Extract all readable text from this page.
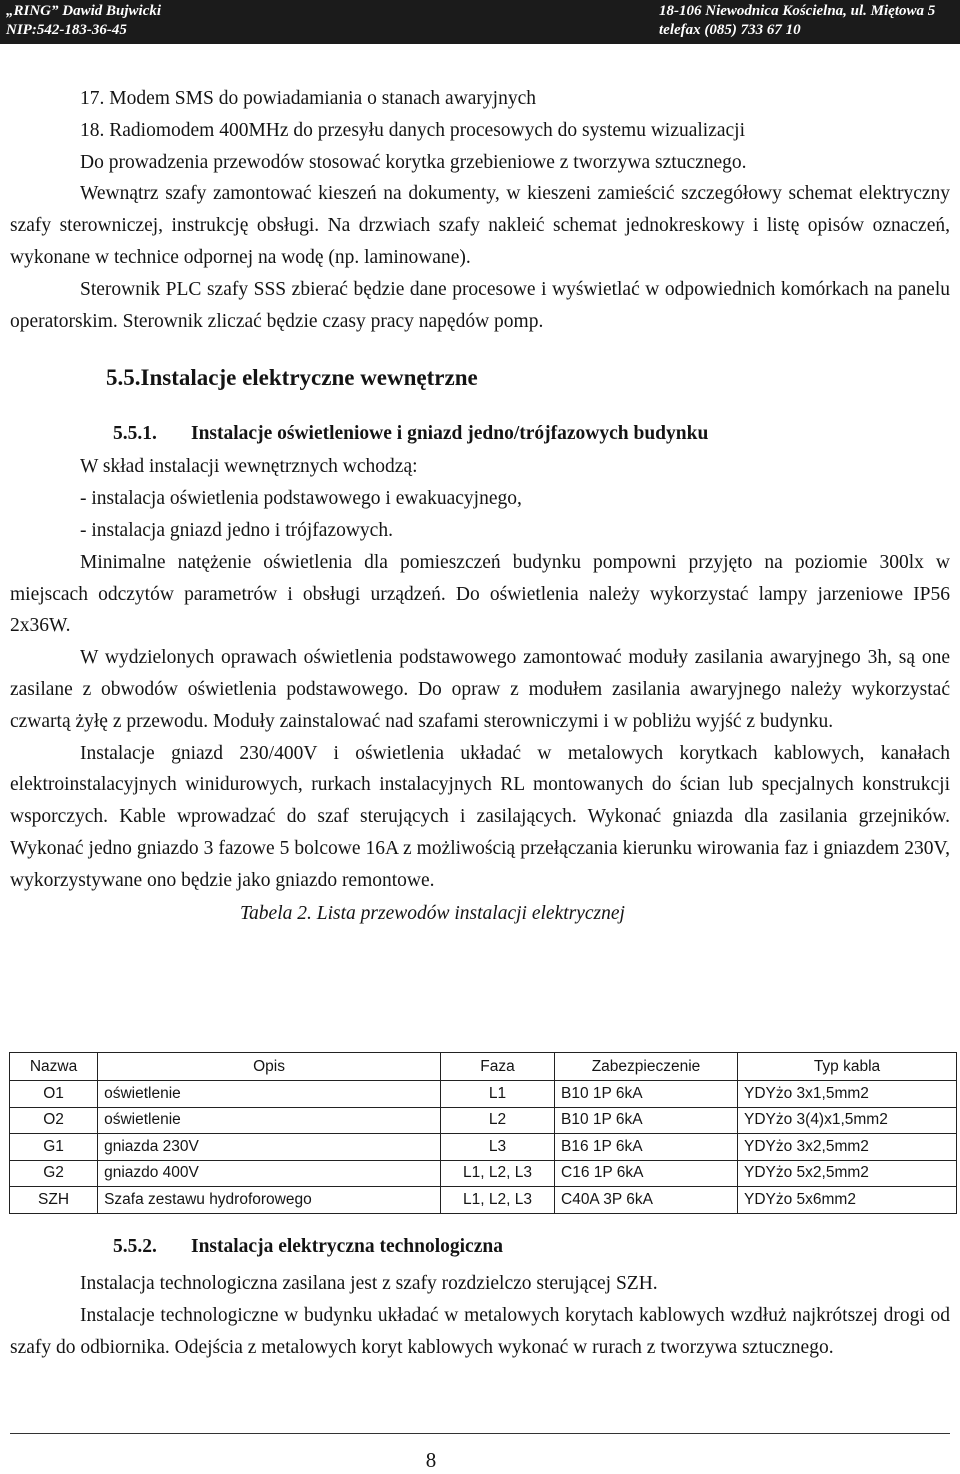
„RING” Dawid Bujwicki
NIP:542-183-36-45
18-106 Niewodnica Kościelna, ul. Miętowa 5
telefax (085) 733 67 10
17. Modem SMS do powiadamiania o stanach awaryjnych
18. Radiomodem 400MHz do przesyłu danych procesowych do systemu wizualizacji
Do prowadzenia przewodów stosować korytka grzebieniowe z tworzywa sztucznego.

Wewnątrz szafy zamontować kieszeń na dokumenty, w kieszeni zamieścić szczegółowy schemat elektryczny szafy sterowniczej, instrukcję obsługi. Na drzwiach szafy nakleić schemat jednokreskowy i listę opisów oznaczeń, wykonane w technice odpornej na wodę (np. laminowane).

Sterownik PLC szafy SSS zbierać będzie dane procesowe i wyświetlać w odpowiednich komórkach na panelu operatorskim. Sterownik zliczać będzie czasy pracy napędów pomp.

5.5.Instalacje elektryczne wewnętrzne
5.5.1. Instalacje oświetleniowe i gniazd jedno/trójfazowych budynku
W skład instalacji wewnętrznych wchodzą:
- instalacja oświetlenia podstawowego i ewakuacyjnego,
- instalacja gniazd jedno i trójfazowych.

Minimalne natężenie oświetlenia dla pomieszczeń budynku pompowni przyjęto na poziomie 300lx w miejscach odczytów parametrów i obsługi urządzeń. Do oświetlenia należy wykorzystać lampy jarzeniowe IP56 2x36W.

W wydzielonych oprawach oświetlenia podstawowego zamontować moduły zasilania awaryjnego 3h, są one zasilane z obwodów oświetlenia podstawowego. Do opraw z modułem zasilania awaryjnego należy wykorzystać czwartą żyłę z przewodu. Moduły zainstalować nad szafami sterowniczymi i w pobliżu wyjść z budynku.

Instalacje gniazd 230/400V i oświetlenia układać w metalowych korytkach kablowych, kanałach elektroinstalacyjnych winidurowych, rurkach instalacyjnych RL montowanych do ścian lub specjalnych konstrukcji wsporczych. Kable wprowadzać do szaf sterujących i zasilających. Wykonać gniazda dla zasilania grzejników. Wykonać jedno gniazdo 3 fazowe 5 bolcowe 16A z możliwością przełączania kierunku wirowania faz i gniazdem 230V, wykorzystywane ono będzie jako gniazdo remontowe.

Tabela 2. Lista przewodów instalacji elektrycznej
Nazwa	Opis	Faza	Zabezpieczenie	Typ kabla
O1	oświetlenie	L1	B10 1P 6kA	YDYżo 3x1,5mm2
O2	oświetlenie	L2	B10 1P 6kA	YDYżo 3(4)x1,5mm2
G1	gniazda 230V	L3	B16 1P 6kA	YDYżo 3x2,5mm2
G2	gniazdo 400V	L1, L2, L3	C16 1P 6kA	YDYżo 5x2,5mm2
SZH	Szafa zestawu hydroforowego	L1, L2, L3	C40A 3P 6kA	YDYżo 5x6mm2
5.5.2. Instalacja elektryczna technologiczna

Instalacja technologiczna zasilana jest z szafy rozdzielczo sterującej SZH.

Instalacje technologiczne w budynku układać w metalowych korytach kablowych wzdłuż najkrótszej drogi od szafy do odbiornika. Odejścia z metalowych koryt kablowych wykonać w rurach z tworzywa sztucznego.

8
